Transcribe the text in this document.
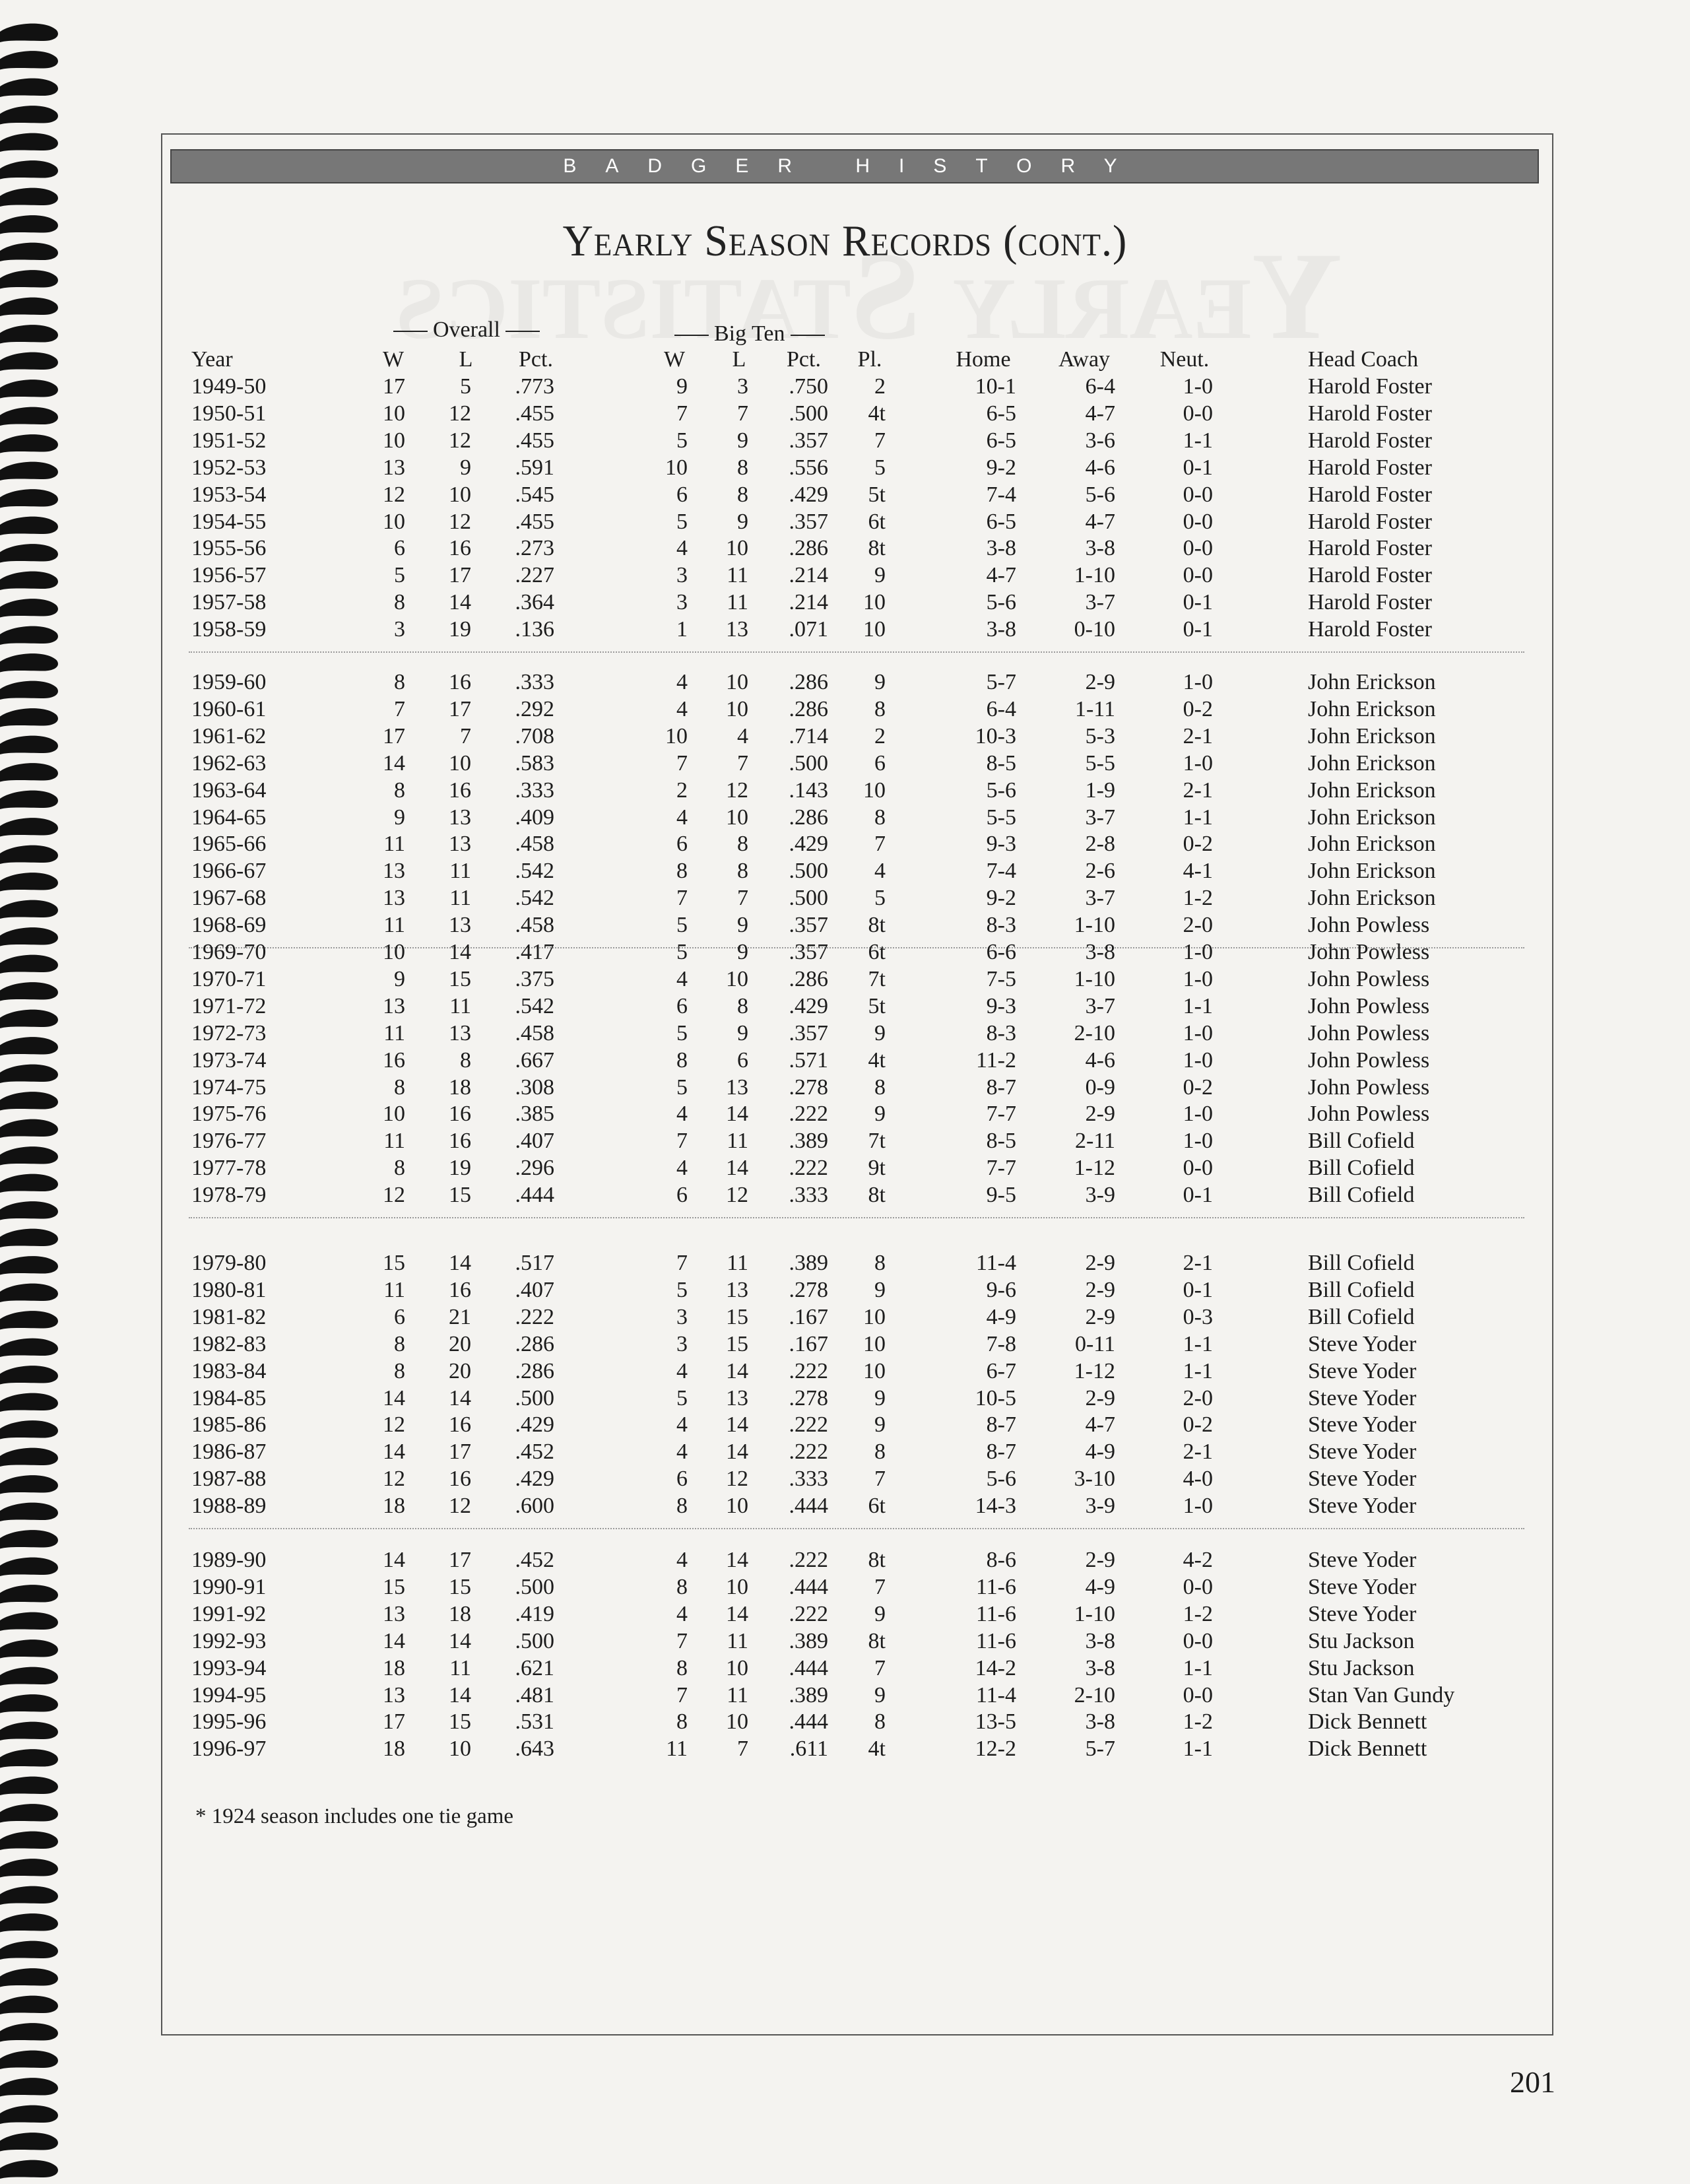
BADGER HISTORY
Yearly Season Records (cont.)
Overall	Big Ten
Year	W	L	Pct.	W	L	Pct.	Pl.	Home	Away	Neut.	Head Coach
1949-50	17	5	.773	9	3	.750	2	10-1	6-4	1-0	Harold Foster
1950-51	10	12	.455	7	7	.500	4t	6-5	4-7	0-0	Harold Foster
1951-52	10	12	.455	5	9	.357	7	6-5	3-6	1-1	Harold Foster
1952-53	13	9	.591	10	8	.556	5	9-2	4-6	0-1	Harold Foster
1953-54	12	10	.545	6	8	.429	5t	7-4	5-6	0-0	Harold Foster
1954-55	10	12	.455	5	9	.357	6t	6-5	4-7	0-0	Harold Foster
1955-56	6	16	.273	4	10	.286	8t	3-8	3-8	0-0	Harold Foster
1956-57	5	17	.227	3	11	.214	9	4-7	1-10	0-0	Harold Foster
1957-58	8	14	.364	3	11	.214	10	5-6	3-7	0-1	Harold Foster
1958-59	3	19	.136	1	13	.071	10	3-8	0-10	0-1	Harold Foster
1959-60	8	16	.333	4	10	.286	9	5-7	2-9	1-0	John Erickson
1960-61	7	17	.292	4	10	.286	8	6-4	1-11	0-2	John Erickson
1961-62	17	7	.708	10	4	.714	2	10-3	5-3	2-1	John Erickson
1962-63	14	10	.583	7	7	.500	6	8-5	5-5	1-0	John Erickson
1963-64	8	16	.333	2	12	.143	10	5-6	1-9	2-1	John Erickson
1964-65	9	13	.409	4	10	.286	8	5-5	3-7	1-1	John Erickson
1965-66	11	13	.458	6	8	.429	7	9-3	2-8	0-2	John Erickson
1966-67	13	11	.542	8	8	.500	4	7-4	2-6	4-1	John Erickson
1967-68	13	11	.542	7	7	.500	5	9-2	3-7	1-2	John Erickson
1968-69	11	13	.458	5	9	.357	8t	8-3	1-10	2-0	John Powless
1969-70	10	14	.417	5	9	.357	6t	6-6	3-8	1-0	John Powless
1970-71	9	15	.375	4	10	.286	7t	7-5	1-10	1-0	John Powless
1971-72	13	11	.542	6	8	.429	5t	9-3	3-7	1-1	John Powless
1972-73	11	13	.458	5	9	.357	9	8-3	2-10	1-0	John Powless
1973-74	16	8	.667	8	6	.571	4t	11-2	4-6	1-0	John Powless
1974-75	8	18	.308	5	13	.278	8	8-7	0-9	0-2	John Powless
1975-76	10	16	.385	4	14	.222	9	7-7	2-9	1-0	John Powless
1976-77	11	16	.407	7	11	.389	7t	8-5	2-11	1-0	Bill Cofield
1977-78	8	19	.296	4	14	.222	9t	7-7	1-12	0-0	Bill Cofield
1978-79	12	15	.444	6	12	.333	8t	9-5	3-9	0-1	Bill Cofield
1979-80	15	14	.517	7	11	.389	8	11-4	2-9	2-1	Bill Cofield
1980-81	11	16	.407	5	13	.278	9	9-6	2-9	0-1	Bill Cofield
1981-82	6	21	.222	3	15	.167	10	4-9	2-9	0-3	Bill Cofield
1982-83	8	20	.286	3	15	.167	10	7-8	0-11	1-1	Steve Yoder
1983-84	8	20	.286	4	14	.222	10	6-7	1-12	1-1	Steve Yoder
1984-85	14	14	.500	5	13	.278	9	10-5	2-9	2-0	Steve Yoder
1985-86	12	16	.429	4	14	.222	9	8-7	4-7	0-2	Steve Yoder
1986-87	14	17	.452	4	14	.222	8	8-7	4-9	2-1	Steve Yoder
1987-88	12	16	.429	6	12	.333	7	5-6	3-10	4-0	Steve Yoder
1988-89	18	12	.600	8	10	.444	6t	14-3	3-9	1-0	Steve Yoder
1989-90	14	17	.452	4	14	.222	8t	8-6	2-9	4-2	Steve Yoder
1990-91	15	15	.500	8	10	.444	7	11-6	4-9	0-0	Steve Yoder
1991-92	13	18	.419	4	14	.222	9	11-6	1-10	1-2	Steve Yoder
1992-93	14	14	.500	7	11	.389	8t	11-6	3-8	0-0	Stu Jackson
1993-94	18	11	.621	8	10	.444	7	14-2	3-8	1-1	Stu Jackson
1994-95	13	14	.481	7	11	.389	9	11-4	2-10	0-0	Stan Van Gundy
1995-96	17	15	.531	8	10	.444	8	13-5	3-8	1-2	Dick Bennett
1996-97	18	10	.643	11	7	.611	4t	12-2	5-7	1-1	Dick Bennett
* 1924 season includes one tie game
201
